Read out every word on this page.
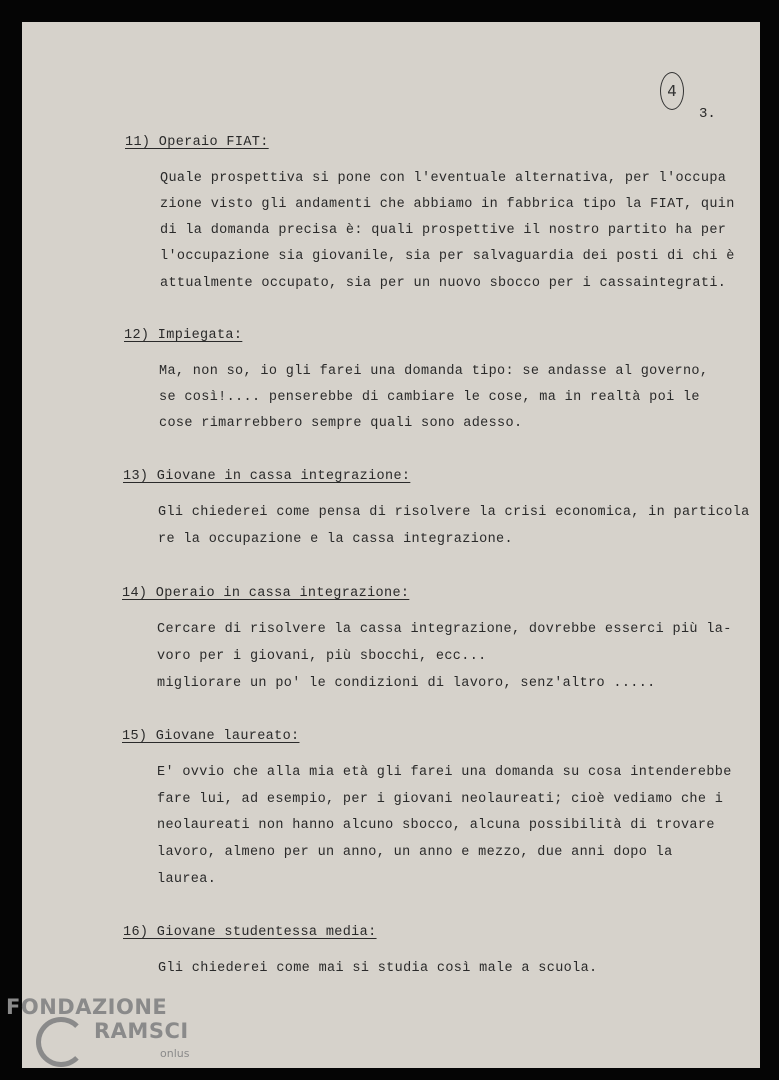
4
3.
11) Operaio FIAT:
Quale prospettiva si pone con l'eventuale alternativa, per l'occupa
zione visto gli andamenti che abbiamo in fabbrica tipo la FIAT, quin
di la domanda precisa è: quali prospettive il nostro partito ha per
l'occupazione sia giovanile, sia per salvaguardia dei posti di chi è
attualmente occupato, sia per un nuovo sbocco per i cassaintegrati.
12) Impiegata:
Ma, non so, io gli farei una domanda tipo: se andasse al governo,
se così!.... penserebbe di cambiare le cose, ma in realtà poi le
cose rimarrebbero sempre quali sono adesso.
13) Giovane in cassa integrazione:
Gli chiederei come pensa di risolvere la crisi economica, in particola
re la occupazione e la cassa integrazione.
14) Operaio in cassa integrazione:
Cercare di risolvere la cassa integrazione, dovrebbe esserci più la-
voro per i giovani, più sbocchi, ecc...
migliorare un po' le condizioni di lavoro, senz'altro .....
15) Giovane laureato:
E' ovvio che alla mia età gli farei una domanda su cosa intenderebbe
fare lui, ad esempio, per i giovani neolaureati; cioè vediamo che i
neolaureati non hanno alcuno sbocco, alcuna possibilità di trovare
lavoro, almeno per un anno, un anno e mezzo, due anni dopo la
laurea.
16) Giovane studentessa media:
Gli chiederei come mai si studia così male a scuola.
FONDAZIONE
RAMSCI
onlus
